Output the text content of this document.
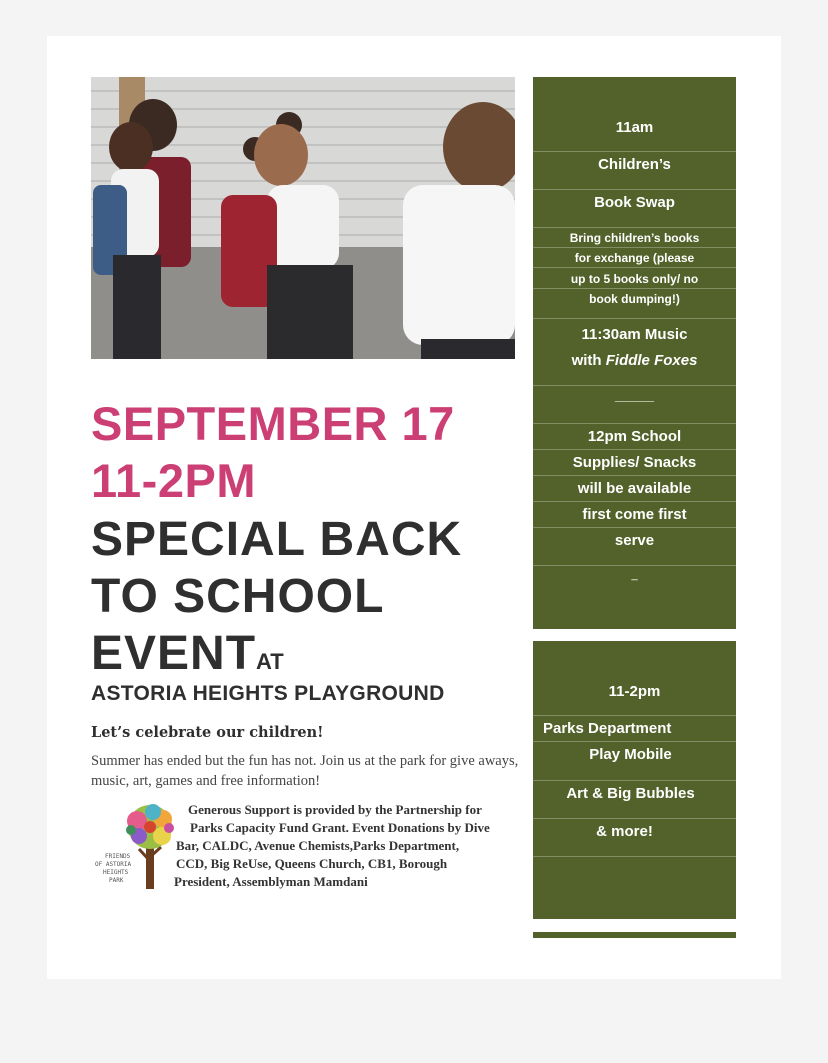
11am
Children’s
Book Swap
Bring children’s books
for exchange (please
up to 5 books only/ no
book dumping!)
11:30am Music
with Fiddle Foxes
_____
12pm School
Supplies/ Snacks
will be available
first come first
serve
_
11-2pm
Parks Department
Play Mobile
Art & Big Bubbles
& more!
SEPTEMBER 17
11-2PM
SPECIAL BACK
TO SCHOOL
EVENTAT
ASTORIA HEIGHTS PLAYGROUND
Let’s celebrate our children!
Summer has ended but the fun has not. Join us at the park for give aways, music, art, games and free information!
FRIENDS
OF ASTORIA
HEIGHTS
PARK
Generous Support is provided by the Partnership for
Parks Capacity Fund Grant. Event Donations by Dive
Bar, CALDC, Avenue Chemists,Parks Department,
CCD, Big ReUse, Queens Church, CB1, Borough
President, Assemblyman Mamdani
